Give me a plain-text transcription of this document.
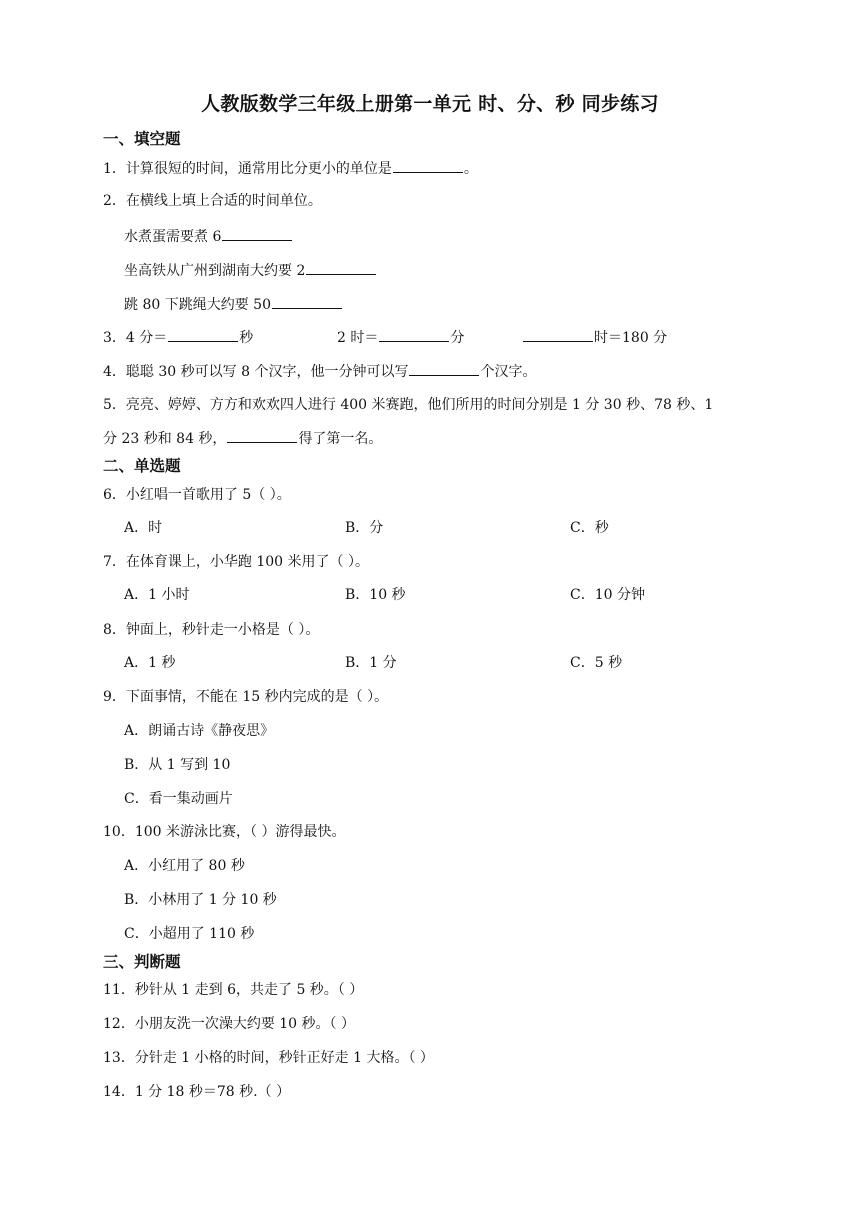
人教版数学三年级上册第一单元 时、分、秒 同步练习
一、填空题
1．计算很短的时间，通常用比分更小的单位是	。
2．在横线上填上合适的时间单位。
水煮蛋需要煮 6
坐高铁从广州到湖南大约要 2
跳 80 下跳绳大约要 50
3．4 分＝	秒	2 时＝	分	时＝180 分
4．聪聪 30 秒可以写 8 个汉字，他一分钟可以写	个汉字。
5．亮亮、婷婷、方方和欢欢四人进行 400 米赛跑，他们所用的时间分别是 1 分 30 秒、78 秒、1
分 23 秒和 84 秒，	得了第一名。
二、单选题
6．小红唱一首歌用了 5（ ）。
A．时	B．分	C．秒
7．在体育课上，小华跑 100 米用了（ ）。
A．1 小时	B．10 秒	C．10 分钟
8．钟面上，秒针走一小格是（ ）。
A．1 秒	B．1 分	C．5 秒
9．下面事情，不能在 15 秒内完成的是（ ）。
A．朗诵古诗《静夜思》
B．从 1 写到 10
C．看一集动画片
10．100 米游泳比赛，（ ）游得最快。
A．小红用了 80 秒
B．小林用了 1 分 10 秒
C．小超用了 110 秒
三、判断题
11．秒针从 1 走到 6，共走了 5 秒。（ ）
12．小朋友洗一次澡大约要 10 秒。（ ）
13．分针走 1 小格的时间，秒针正好走 1 大格。（ ）
14．1 分 18 秒＝78 秒.（ ）
